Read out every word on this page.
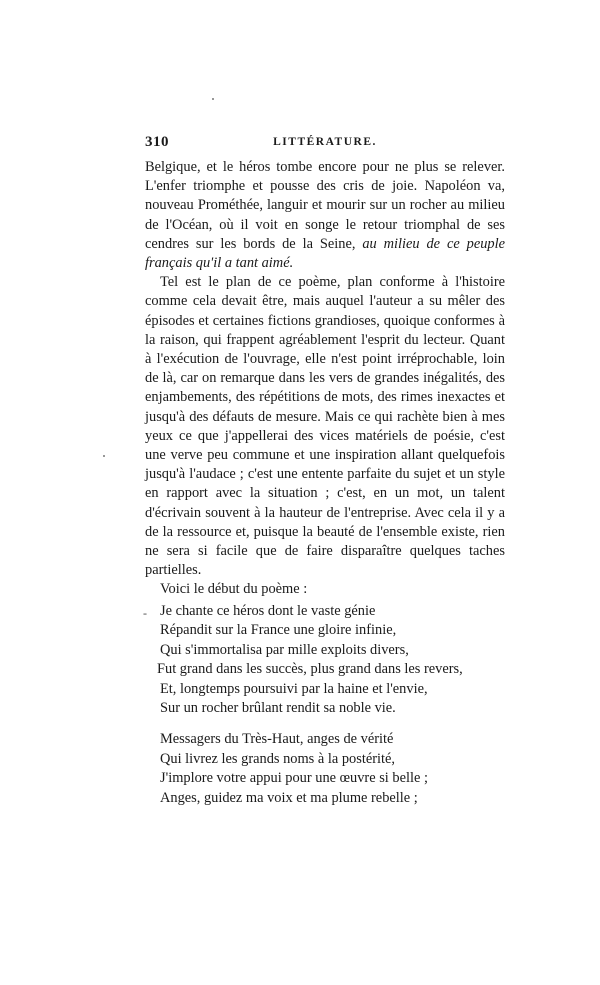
310	LITTÉRATURE.

Belgique, et le héros tombe encore pour ne plus se relever. L'enfer triomphe et pousse des cris de joie. Napoléon va, nouveau Prométhée, languir et mourir sur un rocher au milieu de l'Océan, où il voit en songe le retour triomphal de ses cendres sur les bords de la Seine, au milieu de ce peuple français qu'il a tant aimé.

Tel est le plan de ce poème, plan conforme à l'histoire comme cela devait être, mais auquel l'auteur a su mêler des épisodes et certaines fictions grandioses, quoique conformes à la raison, qui frappent agréablement l'esprit du lecteur. Quant à l'exécution de l'ouvrage, elle n'est point irréprochable, loin de là, car on remarque dans les vers de grandes inégalités, des enjambements, des répétitions de mots, des rimes inexactes et jusqu'à des défauts de mesure. Mais ce qui rachète bien à mes yeux ce que j'appellerai des vices matériels de poésie, c'est une verve peu commune et une inspiration allant quelquefois jusqu'à l'audace ; c'est une entente parfaite du sujet et un style en rapport avec la situation ; c'est, en un mot, un talent d'écrivain souvent à la hauteur de l'entreprise. Avec cela il y a de la ressource et, puisque la beauté de l'ensemble existe, rien ne sera si facile que de faire disparaître quelques taches partielles.

Voici le début du poème :

- Je chante ce héros dont le vaste génie
Répandit sur la France une gloire infinie,
Qui s'immortalisa par mille exploits divers,
Fut grand dans les succès, plus grand dans les revers,
Et, longtemps poursuivi par la haine et l'envie,
Sur un rocher brûlant rendit sa noble vie.
Messagers du Très-Haut, anges de vérité
Qui livrez les grands noms à la postérité,
J'implore votre appui pour une œuvre si belle ;
Anges, guidez ma voix et ma plume rebelle ;
